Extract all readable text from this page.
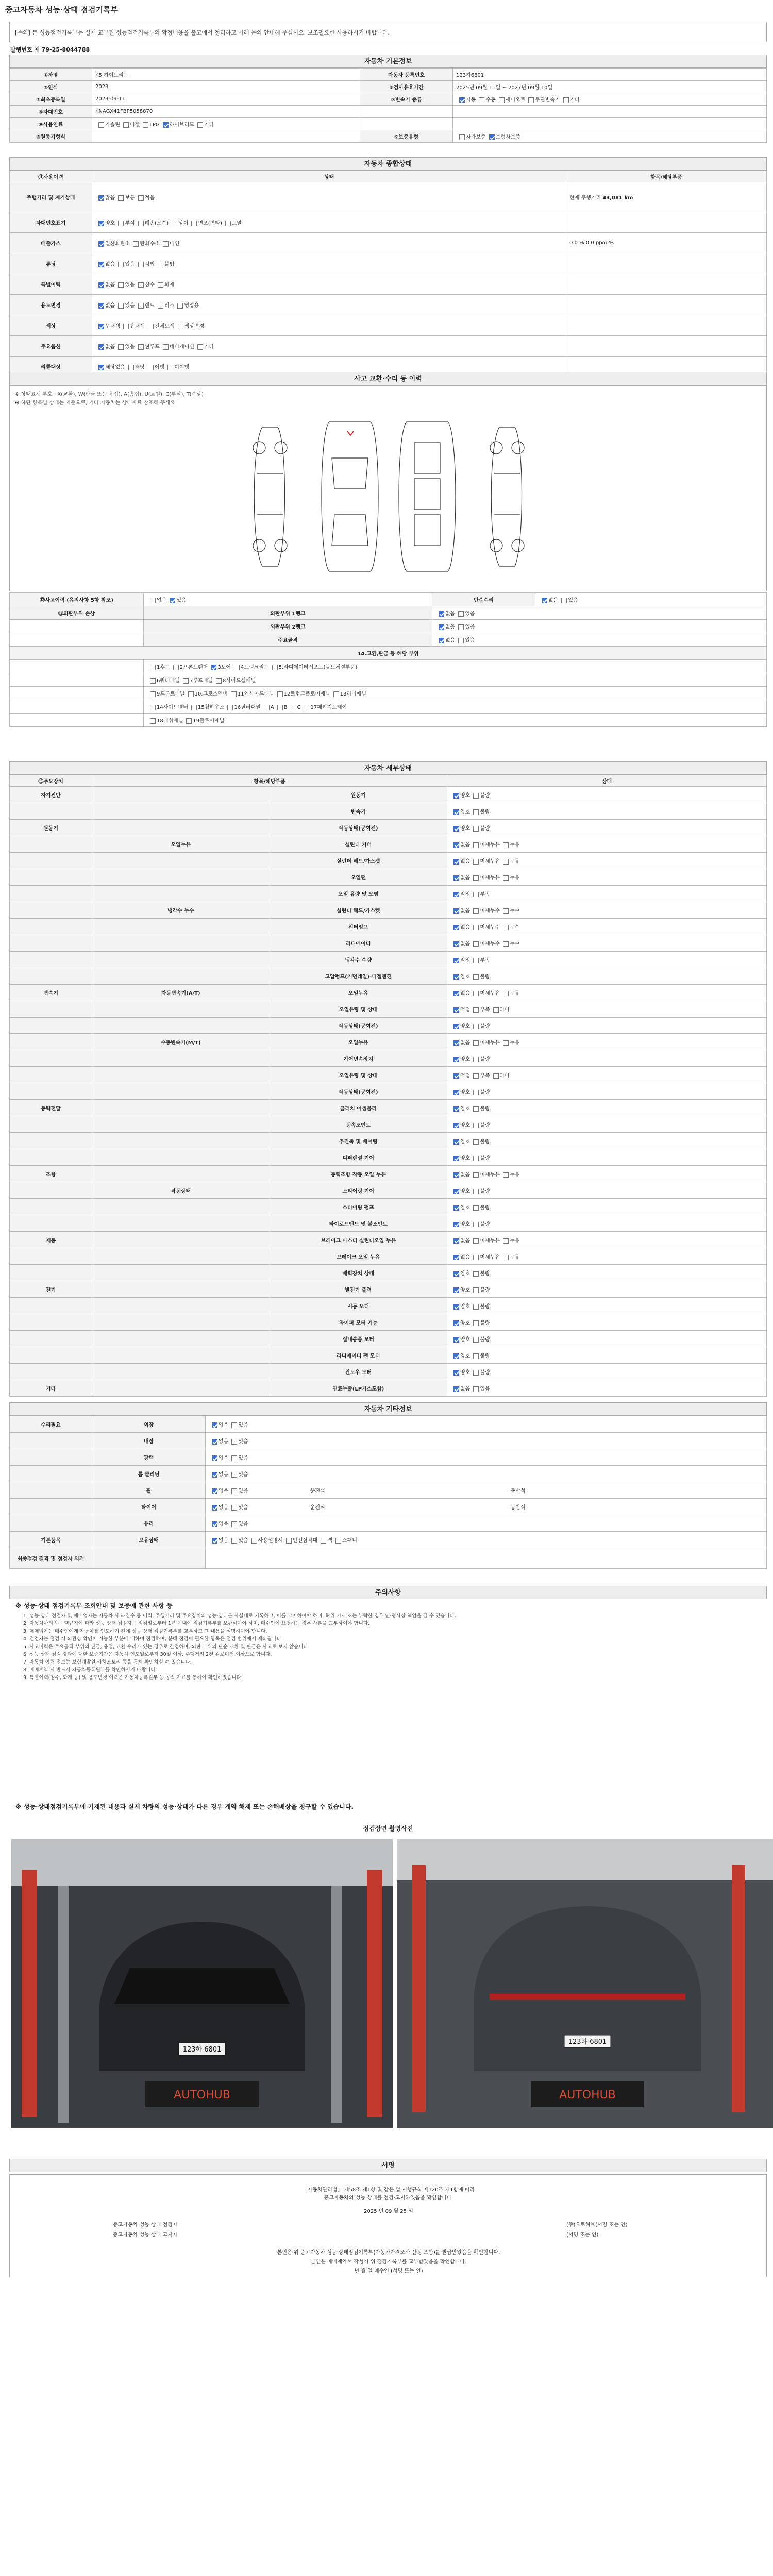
중고자동차 성능·상태 점검기록부
[주의] 본 성능점검기록부는 실제 교부된 성능점검기록부의 확정내용을 출고에서 정리하고 아래 문의 안내해 주십시오. 보조필요한 사용하시기 바랍니다.
발행번호 제 79-25-8044788
자동차 기본정보
①차명	K5 하이브리드	자동차 등록번호	123하6801
②연식	2023	⑤검사유효기간	2025년 09월 11일 ~ 2027년 09월 10일
③최초등록일	2023-09-11	⑦변속기 종류	자동 수동 세미오토 무단변속기 기타
④차대번호	KNAGX41FBP5058870		
⑥사용연료	가솔린 디젤 LPG 하이브리드 기타		
⑧원동기형식		⑨보증유형	자가보증 보험사보증
자동차 종합상태
⑪사용이력	상태	항목/해당부품
주행거리 및 계기상태	많음 보통 적음	현재 주행거리 43,081 km
차대번호표기	양호 부식 훼손(오손) 상이 변조(변타) 도말	
배출가스	일산화탄소 탄화수소 매연	0.0 % 0.0 ppm %
튜닝	없음 있음 적법 불법	
특별이력	없음 있음 침수 화재	
용도변경	없음 있음 렌트 리스 영업용	
색상	무채색 유채색 전체도색 색상변경	
주요옵션	없음 있음 썬루프 네비게이션 기타	
리콜대상	해당없음 해당 이행 미이행	
사고 교환·수리 등 이력
※ 상태표시 부호 : X(교환), W(판금 또는 용접), A(흠집), U(요철), C(부식), T(손상)
※ 하단 항목별 상태는 기준으로, 기타 자동차는 상태자료 참조해 주세요
⑫사고이력 (유의사항 5항 참조)	없음 있음	단순수리	없음 있음
⑬외판부위 손상	외판부위 1랭크	없음 있음	
	외판부위 2랭크	없음 있음	
	주요골격	없음 있음	
14.교환,판금 등 해당 부위			
	1후드 2프론트휀더 3도어 4트렁크리드 5.라디에이터서포트(볼트체결부품)		
	6쿼터패널 7루프패널 8사이드실패널		
	9프론트패널 10.크로스멤버 11인사이드패널 12트렁크플로어패널 13리어패널		
	14사이드멤버 15휠하우스 16필러패널 A B C 17패키지트레이		
	18대쉬패널 19플로어패널		
자동차 세부상태
⑮주요장치	항목/해당부품		상태
자기진단		원동기	양호 불량
		변속기	양호 불량
원동기		작동상태(공회전)	양호 불량
	오일누유	실린더 커버	없음 미세누유 누유
		실린더 헤드/가스켓	없음 미세누유 누유
		오일팬	없음 미세누유 누유
		오일 유량 및 오염	적정 부족
	냉각수 누수	실린더 헤드/가스켓	없음 미세누수 누수
		워터펌프	없음 미세누수 누수
		라디에이터	없음 미세누수 누수
		냉각수 수량	적정 부족
		고압펌프(커먼레일)-디젤엔진	양호 불량
변속기	자동변속기(A/T)	오일누유	없음 미세누유 누유
		오일유량 및 상태	적정 부족 과다
		작동상태(공회전)	양호 불량
	수동변속기(M/T)	오일누유	없음 미세누유 누유
		기어변속장치	양호 불량
		오일유량 및 상태	적정 부족 과다
		작동상태(공회전)	양호 불량
동력전달		클러치 어셈블리	양호 불량
		등속조인트	양호 불량
		추진축 및 베어링	양호 불량
		디퍼렌셜 기어	양호 불량
조향		동력조향 작동 오일 누유	없음 미세누유 누유
	작동상태	스티어링 기어	양호 불량
		스티어링 펌프	양호 불량
		타이로드엔드 및 볼조인트	양호 불량
제동		브레이크 마스터 실린더오일 누유	없음 미세누유 누유
		브레이크 오일 누유	없음 미세누유 누유
		배력장치 상태	양호 불량
전기		발전기 출력	양호 불량
		시동 모터	양호 불량
		와이퍼 모터 기능	양호 불량
		실내송풍 모터	양호 불량
		라디에이터 팬 모터	양호 불량
		윈도우 모터	양호 불량
기타		연료누출(LP가스포함)	없음 있음
자동차 기타정보
수리필요	외장	없음 있음
	내장	없음 있음
	광택	없음 있음
	룸 클리닝	없음 있음
	휠	없음 있음 운전석 동반석
	타이어	없음 있음 운전석 동반석
	유리	없음 있음
기본품목	보유상태	없음 있음 사용설명서 안전삼각대 잭 스패너
최종점검 결과 및 점검자 의견		
주의사항
※ 성능·상태 점검기록부 조회안내 및 보증에 관한 사항 등

1. 성능·상태 점검자 및 매매업자는 자동차 사고·침수 등 이력, 주행거리 및 주요장치의 성능·상태를 사실대로 기록하고, 이를 고지하여야 하며, 허위 기재 또는 누락한 경우 민·형사상 책임을 질 수 있습니다.

2. 자동차관리법 시행규칙에 따라 성능·상태 점검자는 점검일로부터 1년 이내에 점검기록부를 보관하여야 하며, 매수인이 요청하는 경우 사본을 교부하여야 합니다.

3. 매매업자는 매수인에게 자동차를 인도하기 전에 성능·상태 점검기록부를 교부하고 그 내용을 설명하여야 합니다.

4. 점검자는 점검 시 외관상 확인이 가능한 부분에 대하여 점검하며, 분해 점검이 필요한 항목은 점검 범위에서 제외됩니다.

5. 사고이력은 주요골격 부위의 판금, 용접, 교환 수리가 있는 경우로 한정하며, 외판 부위의 단순 교환 및 판금은 사고로 보지 않습니다.

6. 성능·상태 점검 결과에 대한 보증기간은 자동차 인도일로부터 30일 이상, 주행거리 2천 킬로미터 이상으로 합니다.

7. 자동차 이력 정보는 보험개발원 카히스토리 등을 통해 확인하실 수 있습니다.

8. 매매계약 시 반드시 자동차등록원부를 확인하시기 바랍니다.

9. 특별이력(침수, 화재 등) 및 용도변경 이력은 자동차등록원부 등 공적 자료를 통하여 확인하였습니다.

※ 성능·상태점검기록부에 기재된 내용과 실제 차량의 성능·상태가 다른 경우 계약 해제 또는 손해배상을 청구할 수 있습니다.
점검장면 촬영사진
123하 6801
AUTOHUB
123하 6801
AUTOHUB
서명
「자동차관리법」 제58조 제1항 및 같은 법 시행규칙 제120조 제1항에 따라
중고자동차의 성능·상태를 점검·고지하였음을 확인합니다.
2025 년 09 월 25 일
중고자동차 성능·상태 점검자	(주)오토허브(서명 또는 인)
중고자동차 성능·상태 고지자	(서명 또는 인)
본인은 위 중고자동차 성능·상태점검기록부(자동차가격조사·산정 포함)를 발급받았음을 확인합니다.
본인은 매매계약서 작성시 위 점검기록부를 교부받았음을 확인합니다.
년 월 일 매수인 (서명 또는 인)
